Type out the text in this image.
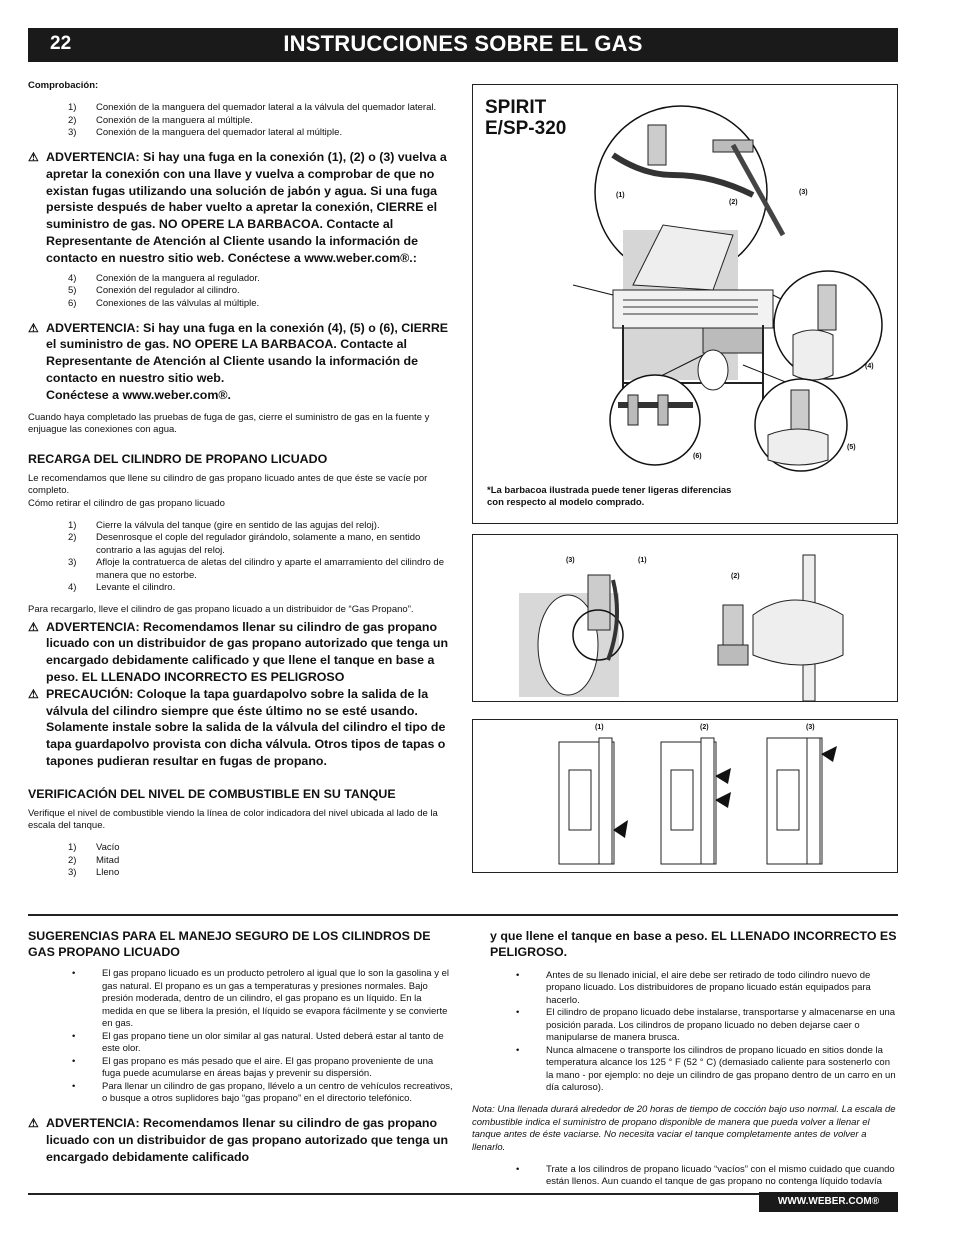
22	INSTRUCCIONES SOBRE EL GAS
Comprobación:
1)	Conexión de la manguera del quemador lateral a la válvula del quemador lateral.
2)	Conexión de la manguera al múltiple.
3)	Conexión de la manguera del quemador lateral al múltiple.
⚠ ADVERTENCIA: Si hay una fuga en la conexión (1), (2) o (3) vuelva a apretar la conexión con una llave y vuelva a comprobar de que no existan fugas utilizando una solución de jabón y agua. Si una fuga persiste después de haber vuelto a apretar la conexión, CIERRE el suministro de gas. NO OPERE LA BARBACOA. Contacte al Representante de Atención al Cliente usando la información de contacto en nuestro sitio web. Conéctese a www.weber.com®.:
4)	Conexión de la manguera al regulador.
5)	Conexión del regulador al cilindro.
6)	Conexiones de las válvulas al múltiple.
⚠ ADVERTENCIA: Si hay una fuga en la conexión (4), (5) o (6), CIERRE el suministro de gas. NO OPERE LA BARBACOA. Contacte al Representante de Atención al Cliente usando la información de contacto en nuestro sitio web.
Conéctese a www.weber.com®.
Cuando haya completado las pruebas de fuga de gas, cierre el suministro de gas en la fuente y enjuague las conexiones con agua.
RECARGA DEL CILINDRO DE PROPANO LICUADO
Le recomendamos que llene su cilindro de gas propano licuado antes de que éste se vacíe por completo.
Cómo retirar el cilindro de gas propano licuado
1)	Cierre la válvula del tanque (gire en sentido de las agujas del reloj).
2)	Desenrosque el cople del regulador girándolo, solamente a mano, en sentido contrario a las agujas del reloj.
3)	Afloje la contratuerca de aletas del cilindro y aparte el amarramiento del cilindro de manera que no estorbe.
4)	Levante el cilindro.
Para recargarlo, lleve el cilindro de gas propano licuado a un distribuidor de “Gas Propano”.
⚠ ADVERTENCIA: Recomendamos llenar su cilindro de gas propano licuado con un distribuidor de gas propano autorizado que tenga un encargado debidamente calificado y que llene el tanque en base a peso. EL LLENADO INCORRECTO ES PELIGROSO
⚠ PRECAUCIÓN: Coloque la tapa guardapolvo sobre la salida de la válvula del cilindro siempre que éste último no se esté usando. Solamente instale sobre la salida de la válvula del cilindro el tipo de tapa guardapolvo provista con dicha válvula. Otros tipos de tapas o tapones pudieran resultar en fugas de propano.
VERIFICACIÓN DEL NIVEL DE COMBUSTIBLE EN SU TANQUE
Verifique el nivel de combustible viendo la línea de color indicadora del nivel ubicada al lado de la escala del tanque.
1)	Vacío
2)	Mitad
3)	Lleno
SPIRIT
E/SP-320
(1)
(2)
(3)
(4)
(5)
(6)
*La barbacoa ilustrada puede tener ligeras diferencias con respecto al modelo comprado.
(3)	(1)
(2)
(1)	(2)	(3)
SUGERENCIAS PARA EL MANEJO SEGURO DE LOS CILINDROS DE GAS PROPANO LICUADO
•	El gas propano licuado es un producto petrolero al igual que lo son la gasolina y el gas natural. El propano es un gas a temperaturas y presiones normales. Bajo presión moderada, dentro de un cilindro, el gas propano es un líquido. En la medida en que se libera la presión, el líquido se evapora fácilmente y se convierte en gas.
•	El gas propano tiene un olor similar al gas natural. Usted deberá estar al tanto de este olor.
•	El gas propano es más pesado que el aire. El gas propano proveniente de una fuga puede acumularse en áreas bajas y prevenir su dispersión.
•	Para llenar un cilindro de gas propano, llévelo a un centro de vehículos recreativos, o busque a otros suplidores bajo “gas propano” en el directorio telefónico.
⚠ ADVERTENCIA: Recomendamos llenar su cilindro de gas propano licuado con un distribuidor de gas propano autorizado que tenga un encargado debidamente calificado
y que llene el tanque en base a peso. EL LLENADO INCORRECTO ES PELIGROSO.
•	Antes de su llenado inicial, el aire debe ser retirado de todo cilindro nuevo de propano licuado. Los distribuidores de propano licuado están equipados para hacerlo.
•	El cilindro de propano licuado debe instalarse, transportarse y almacenarse en una posición parada. Los cilindros de propano licuado no deben dejarse caer o manipularse de manera brusca.
•	Nunca almacene o transporte los cilindros de propano licuado en sitios donde la temperatura alcance los 125 ° F (52 ° C) (demasiado caliente para sostenerlo con la mano - por ejemplo: no deje un cilindro de gas propano dentro de un carro en un día caluroso).
Nota: Una llenada durará alrededor de 20 horas de tiempo de cocción bajo uso normal. La escala de combustible indica el suministro de propano disponible de manera que pueda volver a llenar el tanque antes de éste vaciarse. No necesita vaciar el tanque completamente antes de volver a llenarlo.
•	Trate a los cilindros de propano licuado “vacíos” con el mismo cuidado que cuando están llenos. Aun cuando el tanque de gas propano no contenga líquido todavía
WWW.WEBER.COM®
